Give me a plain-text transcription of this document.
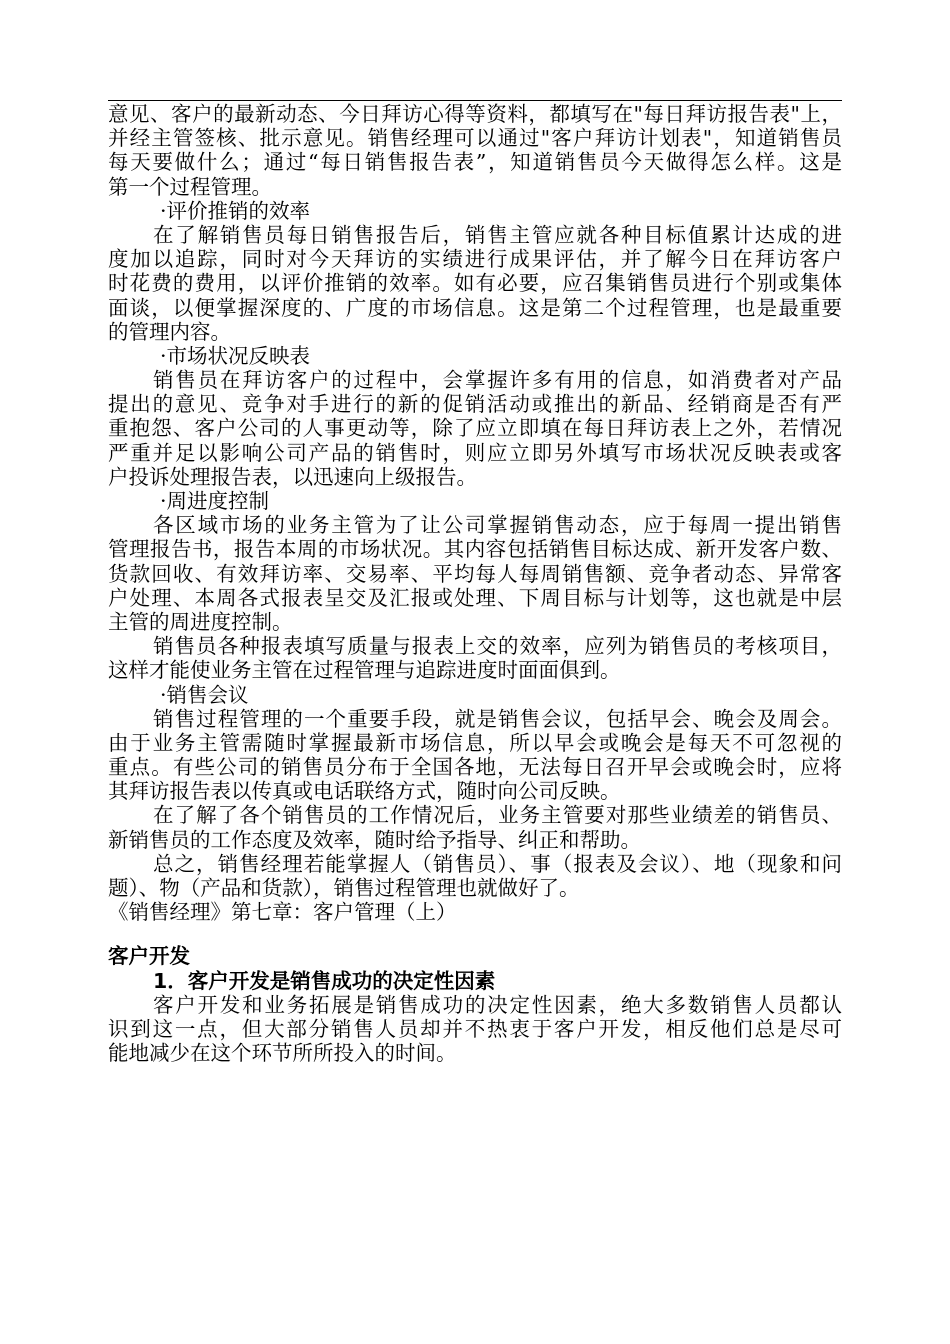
意见、客户的最新动态、今日拜访心得等资料，都填写在"每日拜访报告表"上，
并经主管签核、批示意见。销售经理可以通过"客户拜访计划表"，知道销售员
每天要做什么；通过“每日销售报告表”，知道销售员今天做得怎么样。这是
第一个过程管理。
·评价推销的效率
在了解销售员每日销售报告后，销售主管应就各种目标值累计达成的进
度加以追踪，同时对今天拜访的实绩进行成果评估，并了解今日在拜访客户
时花费的费用，以评价推销的效率。如有必要，应召集销售员进行个别或集体
面谈，以便掌握深度的、广度的市场信息。这是第二个过程管理，也是最重要
的管理内容。
·市场状况反映表
销售员在拜访客户的过程中，会掌握许多有用的信息，如消费者对产品
提出的意见、竞争对手进行的新的促销活动或推出的新品、经销商是否有严
重抱怨、客户公司的人事更动等，除了应立即填在每日拜访表上之外，若情况
严重并足以影响公司产品的销售时，则应立即另外填写市场状况反映表或客
户投诉处理报告表，以迅速向上级报告。
·周进度控制
各区域市场的业务主管为了让公司掌握销售动态，应于每周一提出销售
管理报告书，报告本周的市场状况。其内容包括销售目标达成、新开发客户数、
货款回收、有效拜访率、交易率、平均每人每周销售额、竞争者动态、异常客
户处理、本周各式报表呈交及汇报或处理、下周目标与计划等，这也就是中层
主管的周进度控制。
销售员各种报表填写质量与报表上交的效率，应列为销售员的考核项目，
这样才能使业务主管在过程管理与追踪进度时面面俱到。
·销售会议
销售过程管理的一个重要手段，就是销售会议，包括早会、晚会及周会。
由于业务主管需随时掌握最新市场信息，所以早会或晚会是每天不可忽视的
重点。有些公司的销售员分布于全国各地，无法每日召开早会或晚会时，应将
其拜访报告表以传真或电话联络方式，随时向公司反映。
在了解了各个销售员的工作情况后，业务主管要对那些业绩差的销售员、
新销售员的工作态度及效率，随时给予指导、纠正和帮助。
总之，销售经理若能掌握人（销售员）、事（报表及会议）、地（现象和问
题）、物（产品和货款），销售过程管理也就做好了。
《销售经理》第七章：客户管理（上）
客户开发
1．客户开发是销售成功的决定性因素
客户开发和业务拓展是销售成功的决定性因素，绝大多数销售人员都认
识到这一点，但大部分销售人员却并不热衷于客户开发，相反他们总是尽可
能地减少在这个环节所所投入的时间。
